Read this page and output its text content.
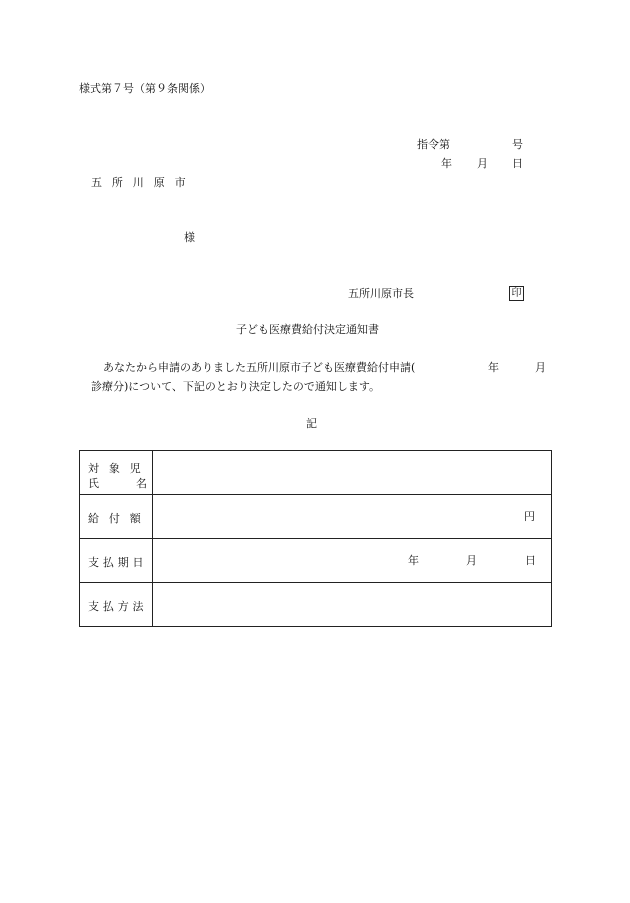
様式第７号（第９条関係）
指令第	号
年 月 日
五所川原市
様
五所川原市長	印
子ども医療費給付決定通知書
あなたから申請のありました五所川原市子ども医療費給付申請(	年	月
診療分)について、下記のとおり決定したので通知します。
記
対象児
氏 名	

給付額	円

支払期日	年 月 日

支払方法	
